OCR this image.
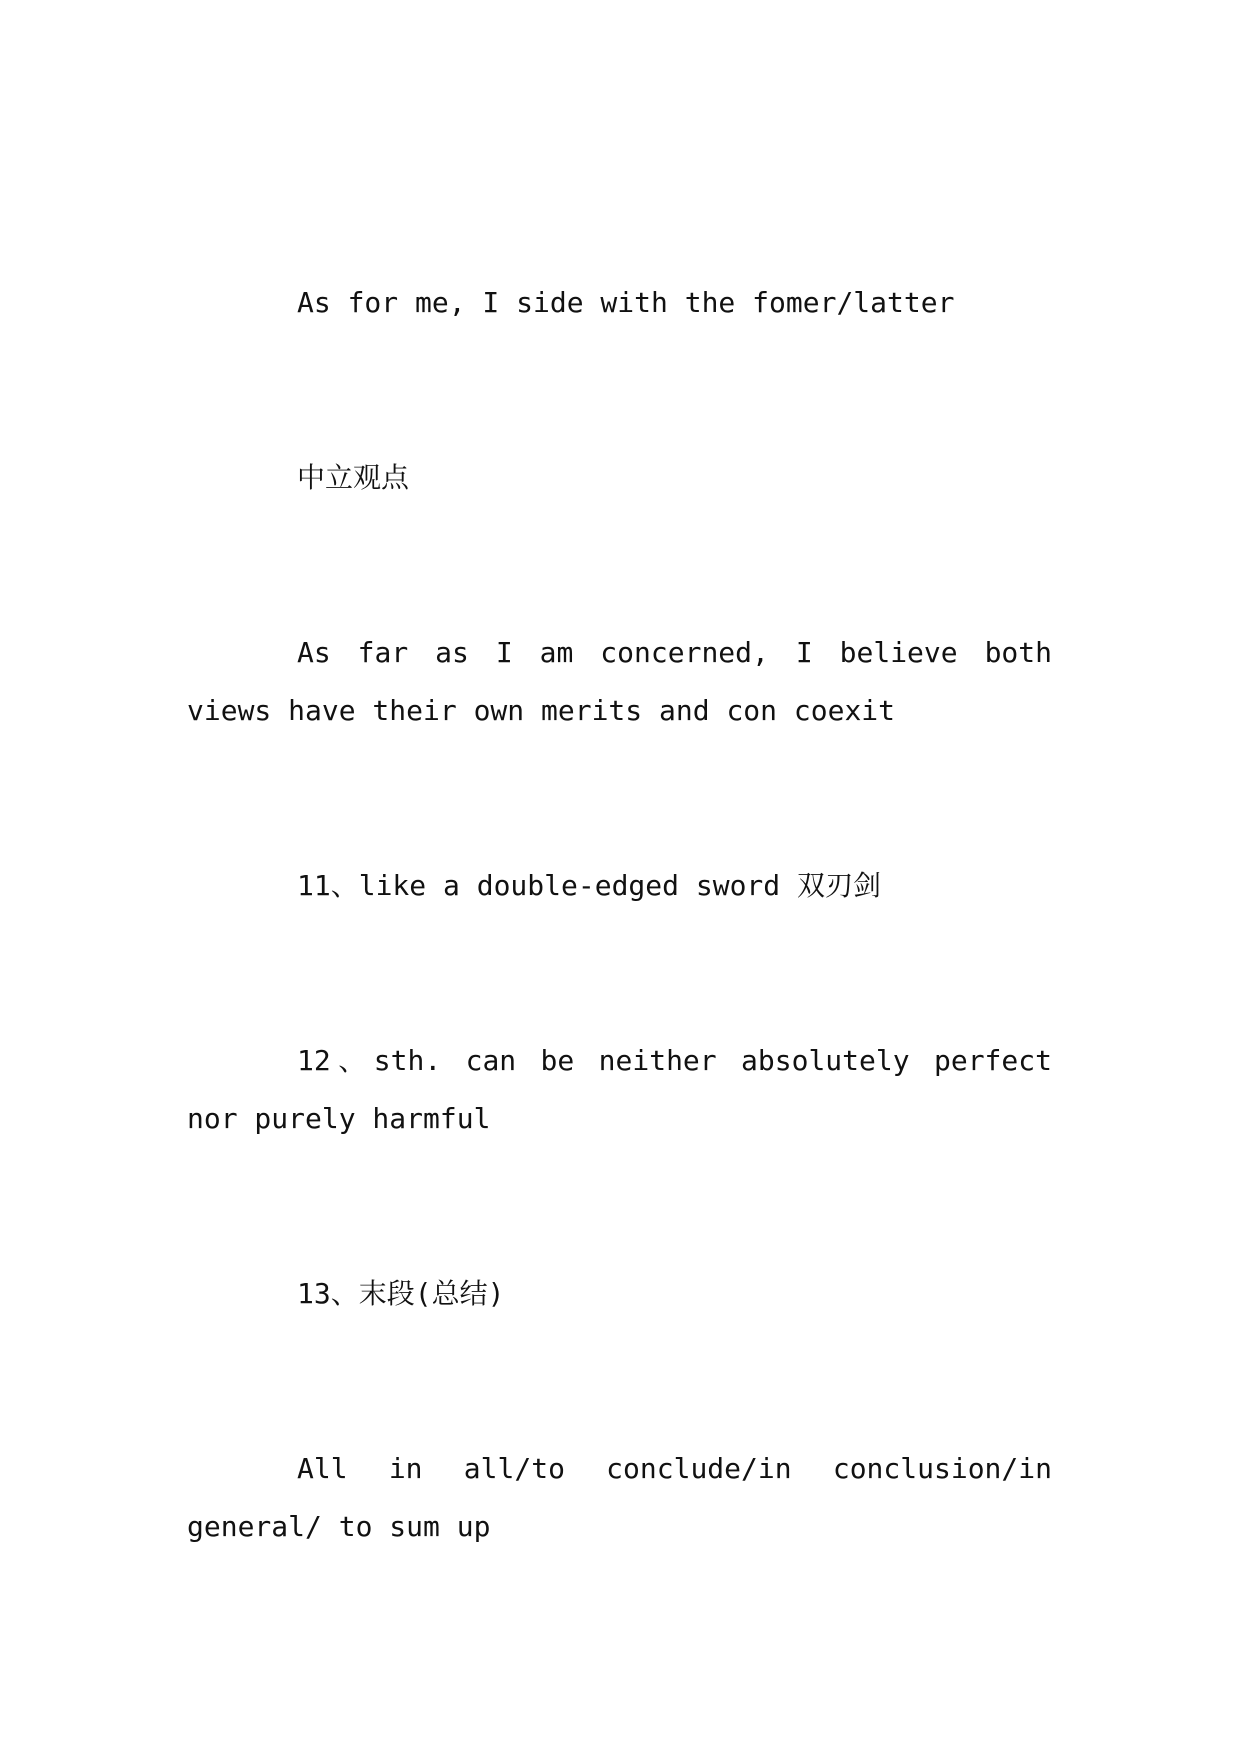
As for me, I side with the fomer/latter

中立观点

As far as I am concerned, I believe both views have their own merits and con coexit

11、like a double-edged sword 双刃剑

12、sth. can be neither absolutely perfect nor purely harmful

13、末段(总结)

All in all/to conclude/in conclusion/in general/ to sum up
